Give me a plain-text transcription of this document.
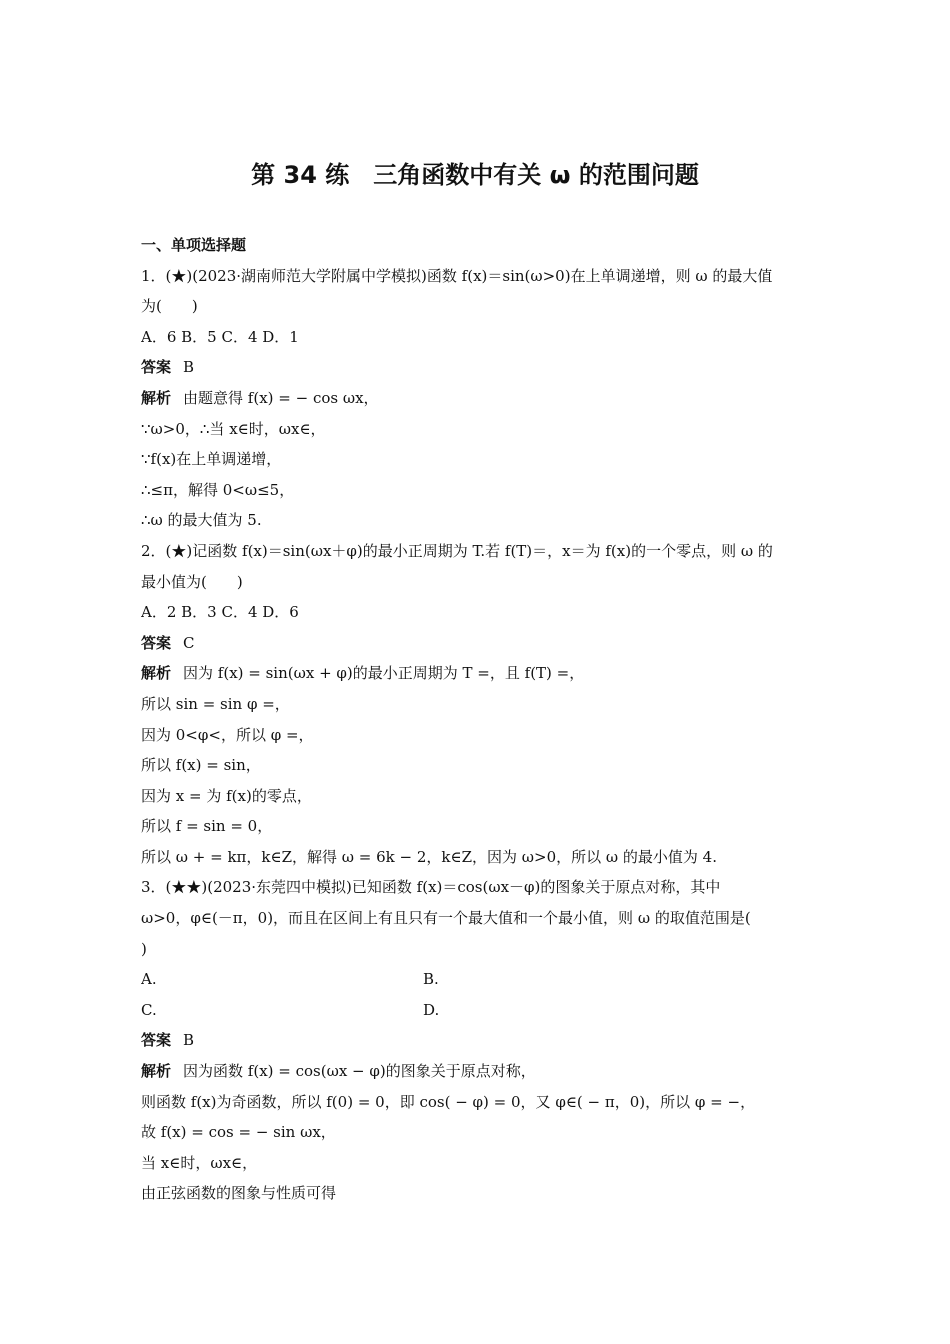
第 34 练　三角函数中有关 ω 的范围问题
一、单项选择题
1．(★)(2023·湖南师范大学附属中学模拟)函数 f(x)＝sin(ω>0)在上单调递增，则 ω 的最大值
为(　　)
A．6 B．5 C．4 D．1
答案 B
解析 由题意得 f(x) = − cos ωx，
∵ω>0，∴当 x∈时，ωx∈，
∵f(x)在上单调递增，
∴≤π，解得 0<ω≤5，
∴ω 的最大值为 5.
2．(★)记函数 f(x)＝sin(ωx＋φ)的最小正周期为 T.若 f(T)＝，x＝为 f(x)的一个零点，则 ω 的
最小值为(　　)
A．2 B．3 C．4 D．6
答案 C
解析 因为 f(x) = sin(ωx + φ)的最小正周期为 T =，且 f(T) =，
所以 sin = sin φ =，
因为 0<φ<，所以 φ =，
所以 f(x) = sin，
因为 x = 为 f(x)的零点，
所以 f = sin = 0，
所以 ω + = kπ，k∈Z，解得 ω = 6k − 2，k∈Z，因为 ω>0，所以 ω 的最小值为 4.
3．(★★)(2023·东莞四中模拟)已知函数 f(x)＝cos(ωx－φ)的图象关于原点对称，其中
ω>0，φ∈(－π，0)，而且在区间上有且只有一个最大值和一个最小值，则 ω 的取值范围是(
)
A.	B.
C.	D.
答案 B
解析 因为函数 f(x) = cos(ωx − φ)的图象关于原点对称，
则函数 f(x)为奇函数，所以 f(0) = 0，即 cos( − φ) = 0，又 φ∈( − π，0)，所以 φ = −，
故 f(x) = cos = − sin ωx，
当 x∈时，ωx∈，
由正弦函数的图象与性质可得
